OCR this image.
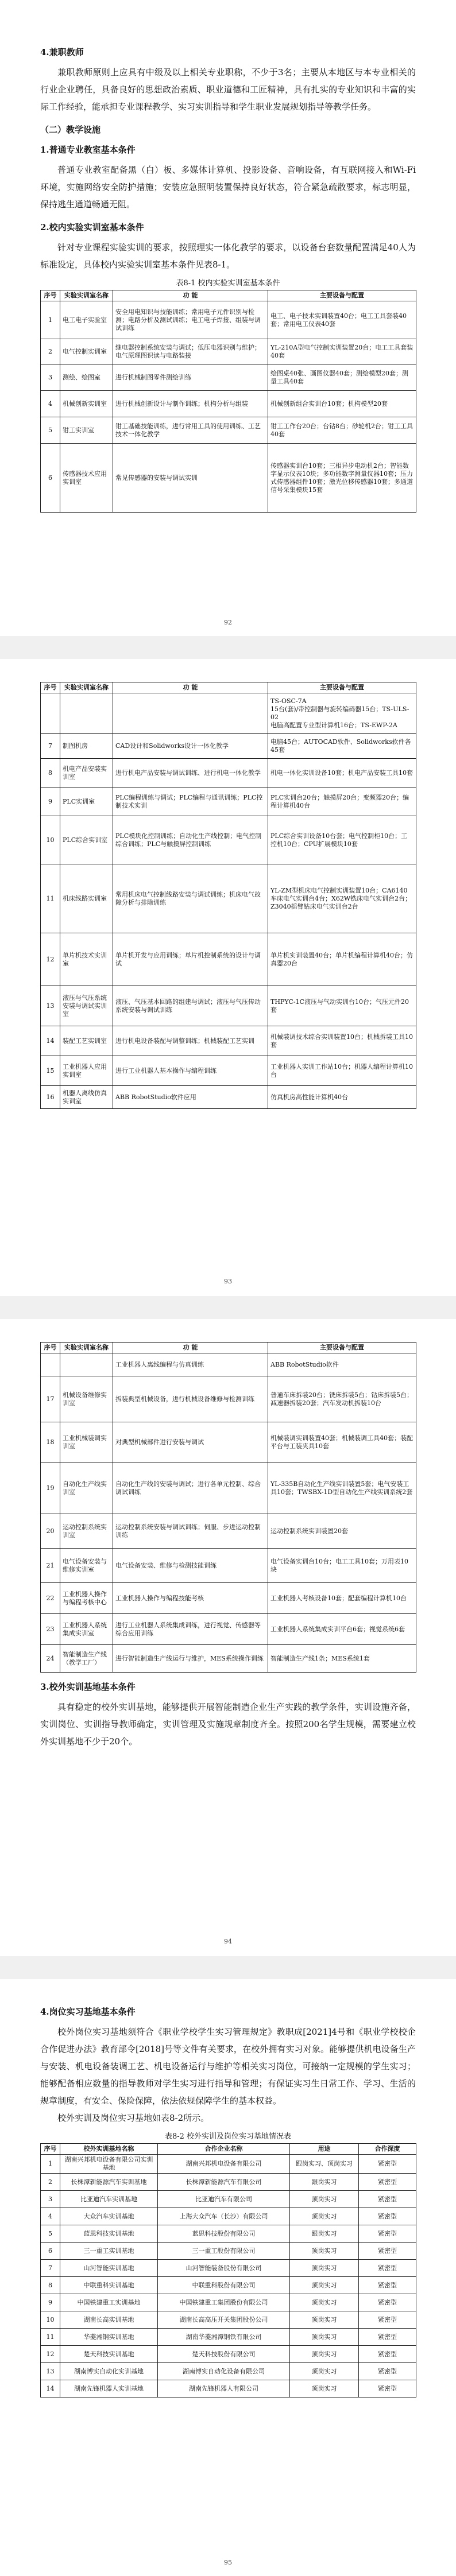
4.兼职教师

兼职教师原则上应具有中级及以上相关专业职称，不少于3名；主要从本地区与本专业相关的行业企业聘任，具备良好的思想政治素质、职业道德和工匠精神，具有扎实的专业知识和丰富的实际工作经验，能承担专业课程教学、实习实训指导和学生职业发展规划指导等教学任务。

（二）教学设施
1.普通专业教室基本条件

普通专业教室配备黑（白）板、多媒体计算机、投影设备、音响设备，有互联网接入和Wi-Fi环境，实施网络安全防护措施；安装应急照明装置保持良好状态，符合紧急疏散要求，标志明显，保持逃生通道畅通无阻。

2.校内实验实训室基本条件

针对专业课程实验实训的要求，按照理实一体化教学的要求，以设备台套数量配置满足40人为标准设定，具体校内实验实训室基本条件见表8-1。

表8-1 校内实验实训室基本条件
序号	实验实训室名称	功 能	主要设备与配置
1	电工电子实验室	安全用电知识与技能训练；常用电子元件识别与检测；电路分析及测试训练；电工电子焊接、组装与调试训练	电工、电子技术实训装置40台；电工工具套装40套；常用电工仪表40套
2	电气控制实训室	继电器控制系统安装与调试；低压电器识别与维护；电气原理图识读与电路装接	YL-210A型电气控制实训装置20台；电工工具套装40套
3	测绘、绘图室	进行机械制图零件测绘训练	绘图桌40张、画图仪器40套；测绘模型20套；测量工具40套
4	机械创新实训室	进行机械创新设计与制作训练；机构分析与组装	机械创新组合实训台10套；机构模型20套
5	钳工实训室	钳工基础技能训练，进行常用工具的使用训练、工艺技术一体化教学	钳工工作台20台；台钻8台；砂轮机2台；钳工工具40套
6	传感器技术应用实训室	常见传感器的安装与调试实训	传感器实训台10套；三相异步电动机2台；智能数字显示仪表10块；多功能数字测量仪器10套；压力式传感器组件10套；激光位移传感器10套；多通道信号采集模块15套
92
序号	实验实训室名称	功 能	主要设备与配置
			TS-OSC-7A
15台(套)/带控制器与旋转编码器15台；TS-ULS-02
电脑高配置专业型计算机16台；TS-EWP-2A
7	制图机房	CAD设计和Solidworks设计一体化教学	电脑45台；AUTOCAD软件、Solidworks软件各45套
8	机电产品安装实训室	进行机电产品安装与调试训练、进行机电一体化教学	机电一体化实训设备10套；机电产品安装工具10套
9	PLC实训室	PLC编程训练与调试；PLC编程与通讯训练；PLC控制技术实训	PLC实训台20台；触摸屏20台；变频器20台；编程计算机40台
10	PLC综合实训室	PLC模块化控制训练；自动化生产线控制；电气控制综合训练；PLC与触摸屏控制训练	PLC综合实训设备10台套；电气控制柜10台；工控机10台；CPU扩展模块10套
11	机床线路实训室	常用机床电气控制线路安装与调试训练；机床电气故障分析与排除训练	YL-ZM型机床电气控制实训装置10台；CA6140车床电气实训台4台；X62W铣床电气实训台2台；Z3040摇臂钻床电气实训台2台
12	单片机技术实训室	单片机开发与应用训练；单片机控制系统的设计与调试	单片机实训装置40台；单片机编程计算机40台；仿真器20台
13	液压与气压系统安装与调试实训室	液压、气压基本回路的组建与调试；液压与气压传动系统安装与调试训练	THPYC-1C液压与气动实训台10台；气压元件20套
14	装配工艺实训室	进行机电设备装配与调整训练；机械装配工艺实训	机械装调技术综合实训装置10台；机械拆装工具10套
15	工业机器人应用实训室	进行工业机器人基本操作与编程训练	工业机器人实训工作站10台；机器人编程计算机10台
16	机器人离线仿真实训室	ABB RobotStudio软件应用	仿真机房高性能计算机40台
93
序号	实验实训室名称	功 能	主要设备与配置
		工业机器人离线编程与仿真训练	ABB RobotStudio软件
17	机械设备维修实训室	拆装典型机械设备，进行机械设备维修与检测训练	普通车床拆装20台；铣床拆装5台；钻床拆装5台；减速器拆装20套；汽车发动机拆装10台
18	工业机械装调实训室	对典型机械部件进行安装与调试	机械装调实训装置40套；机械装调工具40套；装配平台与工装夹具10套
19	自动化生产线实训室	自动化生产线的安装与调试；进行各单元控制、综合调试训练	YL-335B自动化生产线实训装置5套；电气安装工具10套；TWSBX-1D型自动化生产线实训系统2套
20	运动控制系统实训室	运动控制系统安装与调试训练；伺服、步进运动控制训练	运动控制系统实训装置20套
21	电气设备安装与维修实训室	电气设备安装、维修与检测技能训练	电气设备实训台10台；电工工具10套；万用表10块
22	工业机器人操作与编程考核中心	工业机器人操作与编程技能考核	工业机器人考核设备10套；配套编程计算机10台
23	工业机器人系统集成实训室	进行工业机器人系统集成训练，进行视觉、传感器等综合应用训练	工业机器人系统集成实训平台6套；视觉系统6套
24	智能制造生产线（教学工厂）	进行智能制造生产线运行与维护，MES系统操作训练	智能制造生产线1条；MES系统1套
3.校外实训基地基本条件

具有稳定的校外实训基地，能够提供开展智能制造企业生产实践的教学条件，实训设施齐备，实训岗位、实训指导教师确定，实训管理及实施规章制度齐全。按照200名学生规模，需要建立校外实训基地不少于20个。

94
4.岗位实习基地基本条件

校外岗位实习基地须符合《职业学校学生实习管理规定》教职成[2021]4号和《职业学校校企合作促进办法》教育部令[2018]号等文件有关要求，在校外拥有实习对象。能够提供机电设备生产与安装、机电设备装调工艺、机电设备运行与维护等相关实习岗位，可接纳一定规模的学生实习；能够配备相应数量的指导教师对学生实习进行指导和管理；有保证实习生日常工作、学习、生活的规章制度，有安全、保险保障，依法依规保障学生的基本权益。

校外实训及岗位实习基地如表8-2所示。

表8-2 校外实训及岗位实习基地情况表
序号	校外实训基地名称	合作企业名称	用途	合作深度
1	湖南兴邦机电设备有限公司实训基地	湖南兴邦机电设备有限公司	跟岗实习、顶岗实习	紧密型
2	长株潭新能源汽车实训基地	长株潭新能源汽车有限公司	跟岗实习	紧密型
3	比亚迪汽车实训基地	比亚迪汽车有限公司	顶岗实习	紧密型
4	大众汽车实训基地	上海大众汽车（长沙）有限公司	顶岗实习	紧密型
5	蓝思科技实训基地	蓝思科技股份有限公司	跟岗实习	紧密型
6	三一重工实训基地	三一重工股份有限公司	顶岗实习	紧密型
7	山河智能实训基地	山河智能装备股份有限公司	顶岗实习	紧密型
8	中联重科实训基地	中联重科股份有限公司	顶岗实习	紧密型
9	中国铁建重工实训基地	中国铁建重工集团股份有限公司	顶岗实习	紧密型
10	湖南长高实训基地	湖南长高高压开关集团股份公司	顶岗实习	紧密型
11	华菱湘钢实训基地	湖南华菱湘潭钢铁有限公司	顶岗实习	紧密型
12	楚天科技实训基地	楚天科技股份有限公司	顶岗实习	紧密型
13	湖南博实自动化实训基地	湖南博实自动化设备有限公司	顶岗实习	紧密型
14	湖南先锋机器人实训基地	湖南先锋机器人有限公司	顶岗实习	紧密型
95
